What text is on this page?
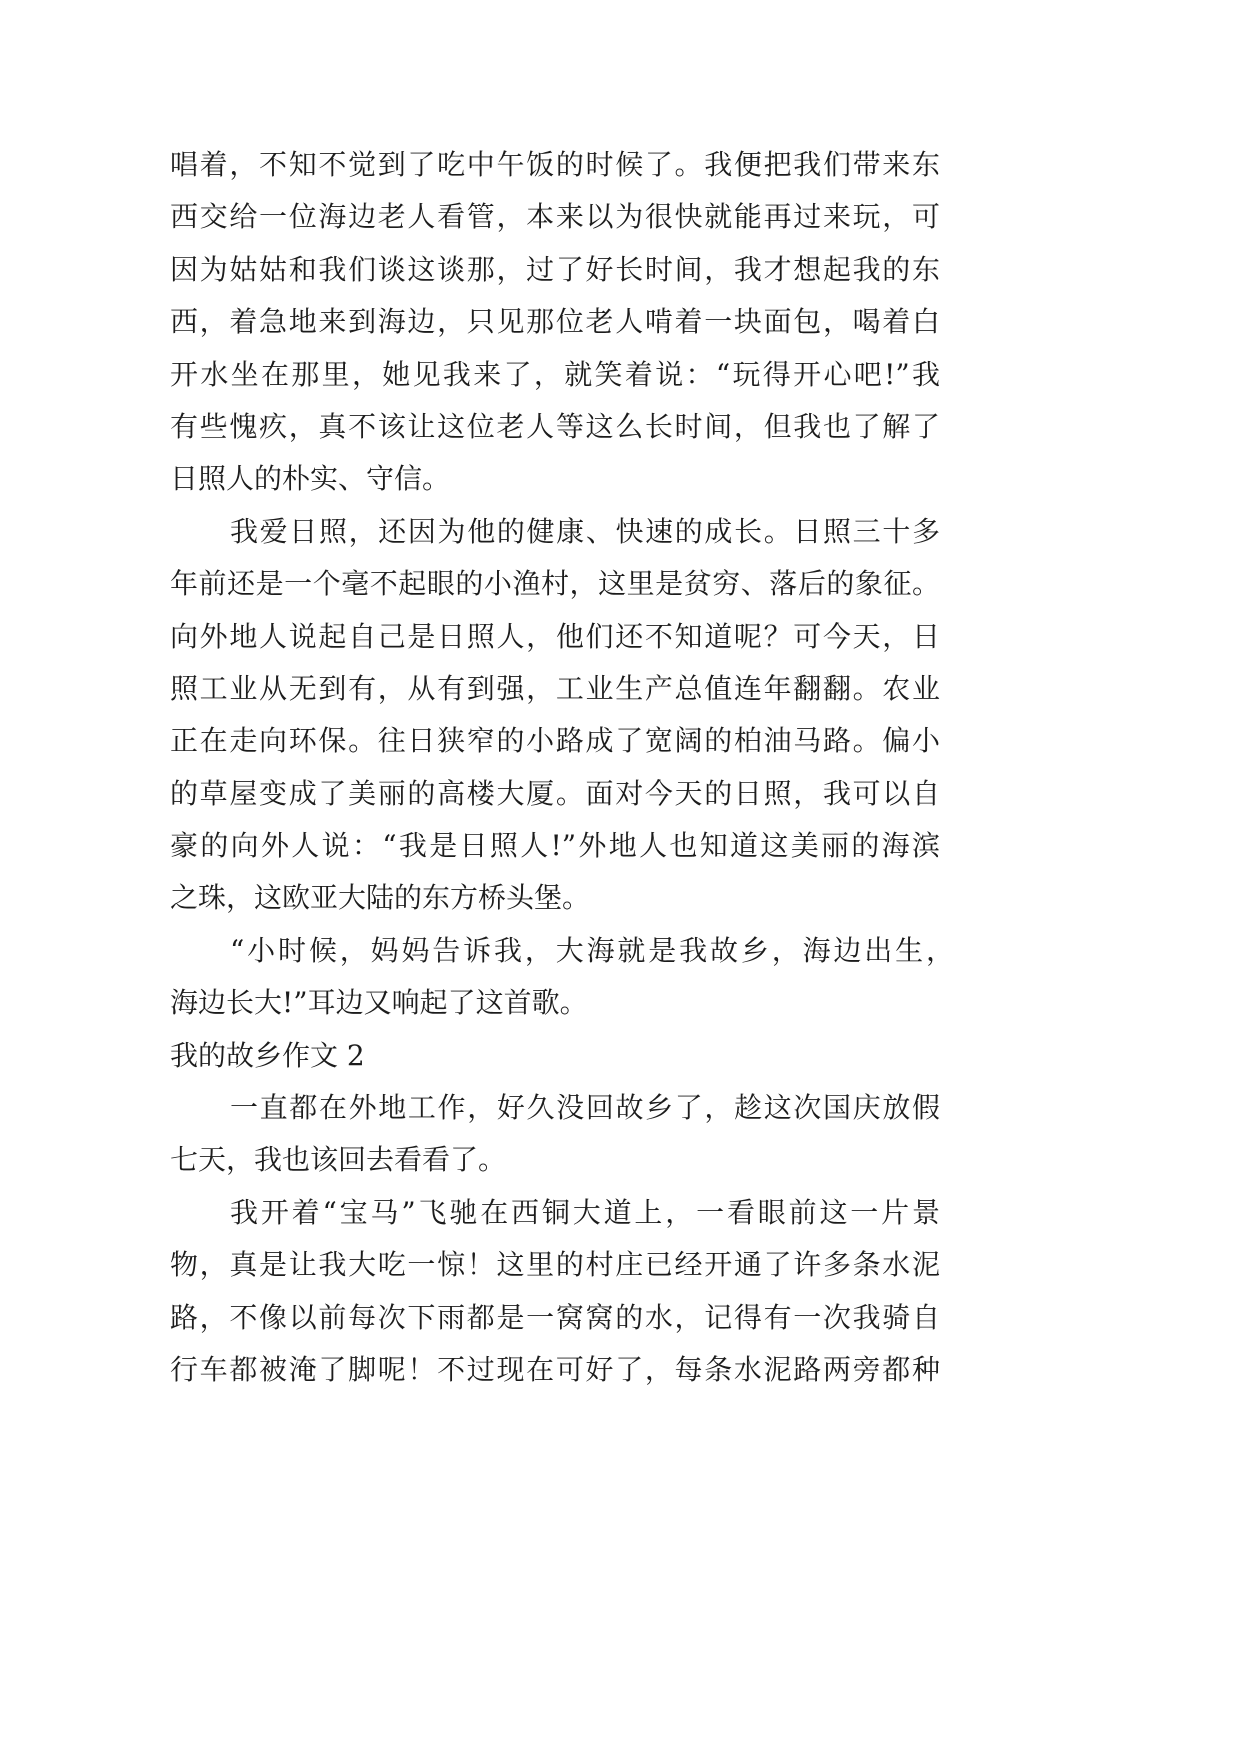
唱着，不知不觉到了吃中午饭的时候了。我便把我们带来东
西交给一位海边老人看管，本来以为很快就能再过来玩，可
因为姑姑和我们谈这谈那，过了好长时间，我才想起我的东
西，着急地来到海边，只见那位老人啃着一块面包，喝着白
开水坐在那里，她见我来了，就笑着说：“玩得开心吧!”我
有些愧疚，真不该让这位老人等这么长时间，但我也了解了
日照人的朴实、守信。
我爱日照，还因为他的健康、快速的成长。日照三十多
年前还是一个毫不起眼的小渔村，这里是贫穷、落后的象征。
向外地人说起自己是日照人，他们还不知道呢？可今天，日
照工业从无到有，从有到强，工业生产总值连年翻翻。农业
正在走向环保。往日狭窄的小路成了宽阔的柏油马路。偏小
的草屋变成了美丽的高楼大厦。面对今天的日照，我可以自
豪的向外人说：“我是日照人!”外地人也知道这美丽的海滨
之珠，这欧亚大陆的东方桥头堡。
“小时候，妈妈告诉我，大海就是我故乡，海边出生，
海边长大!”耳边又响起了这首歌。
我的故乡作文 2
一直都在外地工作，好久没回故乡了，趁这次国庆放假
七天，我也该回去看看了。
我开着“宝马”飞驰在西铜大道上，一看眼前这一片景
物，真是让我大吃一惊！这里的村庄已经开通了许多条水泥
路，不像以前每次下雨都是一窝窝的水，记得有一次我骑自
行车都被淹了脚呢！不过现在可好了，每条水泥路两旁都种
